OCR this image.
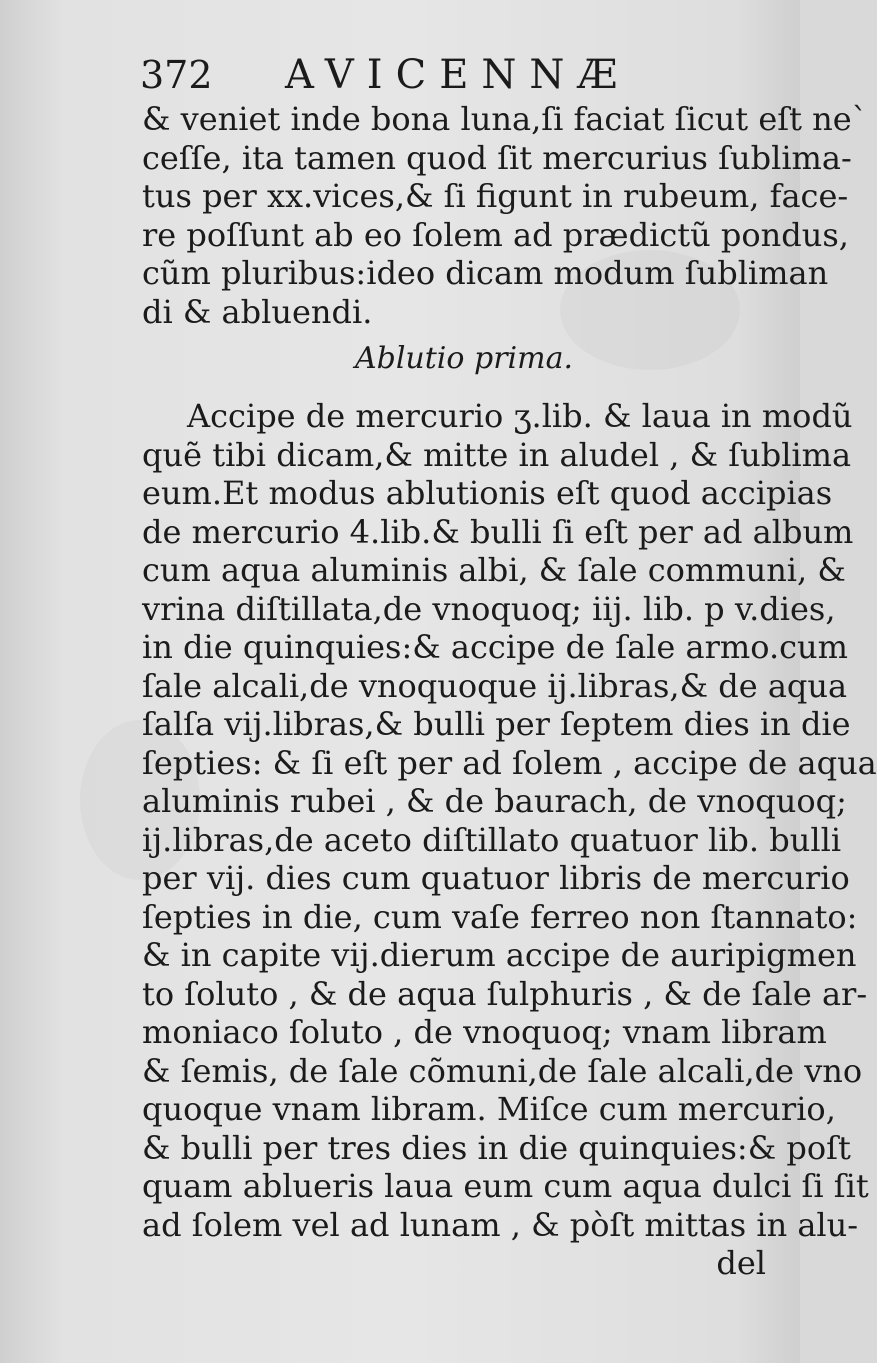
372 AVICENNÆ
& veniet inde bona luna,ſi faciat ſicut eſt ne`
ceſſe, ita tamen quod ſit mercurius ſublima-
tus per xx.vices,& ſi figunt in rubeum, face-
re poſſunt ab eo ſolem ad prædictũ pondus,
cũm pluribus:ideo dicam modum ſubliman
di & abluendi.
Ablutio prima.
Accipe de mercurio ʒ.lib. & laua in modũ
quẽ tibi dicam,& mitte in aludel , & ſublima
eum.Et modus ablutionis eſt quod accipias
de mercurio 4.lib.& bulli ſi eſt per ad album
cum aqua aluminis albi, & ſale communi, &
vrina diſtillata,de vnoquoq; iij. lib. p v.dies,
in die quinquies:& accipe de ſale armo.cum
ſale alcali,de vnoquoque ij.libras,& de aqua
ſalſa vij.libras,& bulli per ſeptem dies in die
ſepties: & ſi eſt per ad ſolem , accipe de aqua
aluminis rubei , & de baurach, de vnoquoq;
ij.libras,de aceto diſtillato quatuor lib. bulli
per vij. dies cum quatuor libris de mercurio
ſepties in die, cum vaſe ferreo non ſtannato:
& in capite vij.dierum accipe de auripigmen
to ſoluto , & de aqua ſulphuris , & de ſale ar-
moniaco ſoluto , de vnoquoq; vnam libram
& ſemis, de ſale cõmuni,de ſale alcali,de vno
quoque vnam libram. Miſce cum mercurio,
& bulli per tres dies in die quinquies:& poſt
quam ablueris laua eum cum aqua dulci ſi ſit
ad ſolem vel ad lunam , & pòſt mittas in alu-
del
